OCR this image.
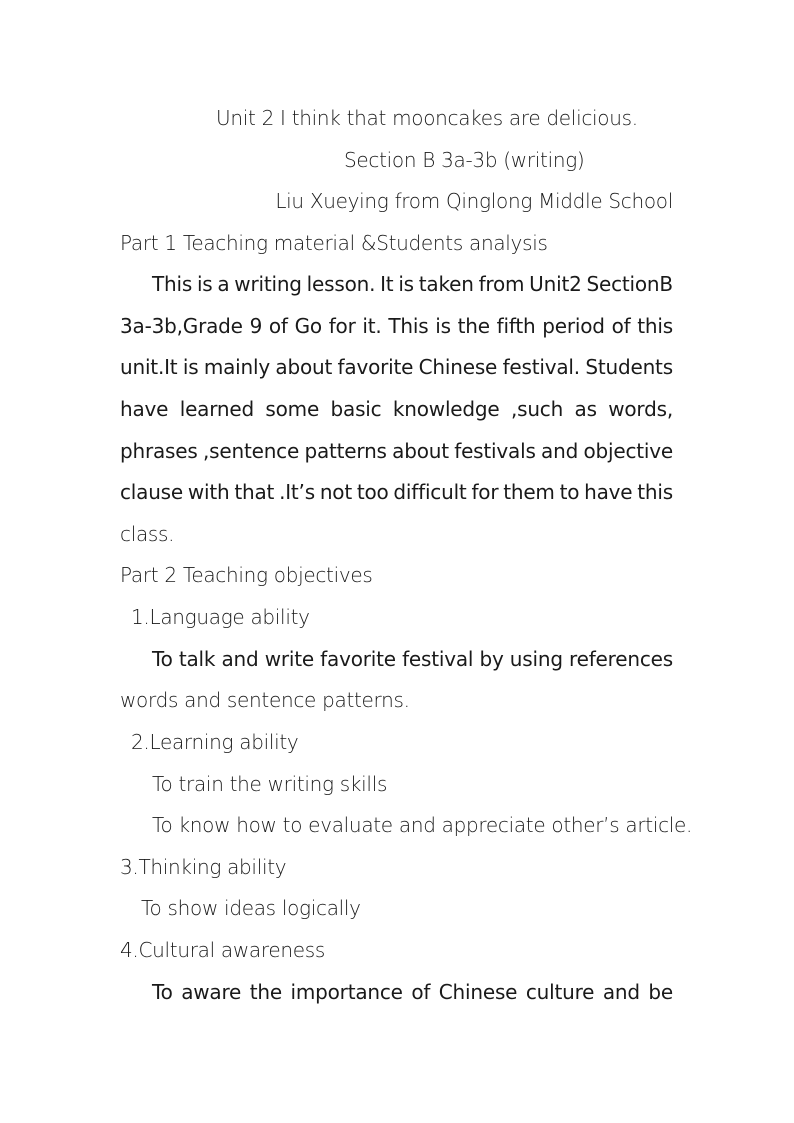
Unit 2 I think that mooncakes are delicious.
Section B 3a-3b (writing)
Liu Xueying from Qinglong Middle School
Part 1 Teaching material &Students analysis
This is a writing lesson. It is taken from Unit2 SectionB
3a-3b,Grade 9 of Go for it. This is the fifth period of this
unit.It is mainly about favorite Chinese festival. Students
have learned some basic knowledge ,such as words,
phrases ,sentence patterns about festivals and objective
clause with that .It’s not too difficult for them to have this
class.
Part 2 Teaching objectives
1.Language ability
To talk and write favorite festival by using references
words and sentence patterns.
2.Learning ability
To train the writing skills
To know how to evaluate and appreciate other’s article.
3.Thinking ability
To show ideas logically
4.Cultural awareness
To aware the importance of Chinese culture and be
